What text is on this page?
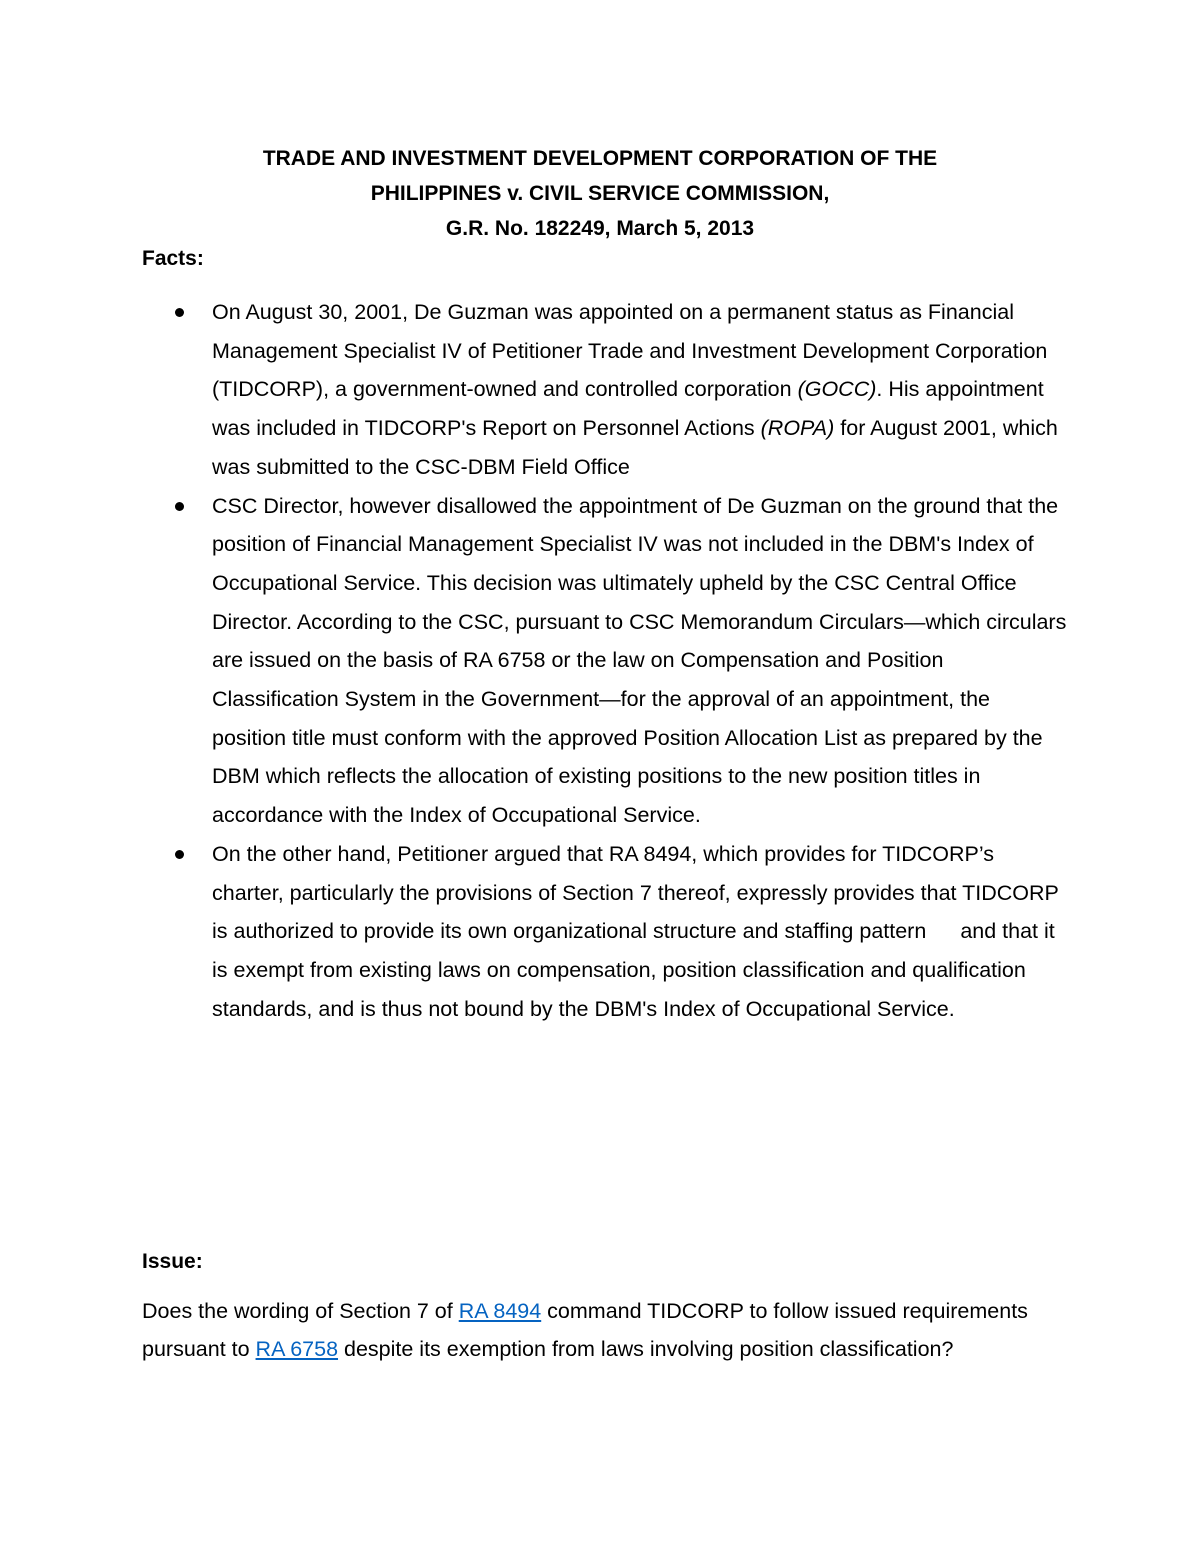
TRADE AND INVESTMENT DEVELOPMENT CORPORATION OF THE
PHILIPPINES v. CIVIL SERVICE COMMISSION,
G.R. No. 182249, March 5, 2013
Facts:
On August 30, 2001, De Guzman was appointed on a permanent status as Financial Management Specialist IV of Petitioner Trade and Investment Development Corporation (TIDCORP), a government-owned and controlled corporation (GOCC). His appointment was included in TIDCORP's Report on Personnel Actions (ROPA) for August 2001, which was submitted to the CSC-DBM Field Office
CSC Director, however disallowed the appointment of De Guzman on the ground that the position of Financial Management Specialist IV was not included in the DBM's Index of Occupational Service. This decision was ultimately upheld by the CSC Central Office Director. According to the CSC, pursuant to CSC Memorandum Circulars—which circulars are issued on the basis of RA 6758 or the law on Compensation and Position Classification System in the Government—for the approval of an appointment, the position title must conform with the approved Position Allocation List as prepared by the DBM which reflects the allocation of existing positions to the new position titles in accordance with the Index of Occupational Service.
On the other hand, Petitioner argued that RA 8494, which provides for TIDCORP’s charter, particularly the provisions of Section 7 thereof, expressly provides that TIDCORP is authorized to provide its own organizational structure and staffing pattern and that it is exempt from existing laws on compensation, position classification and qualification standards, and is thus not bound by the DBM's Index of Occupational Service.
Issue:
Does the wording of Section 7 of RA 8494 command TIDCORP to follow issued requirements pursuant to RA 6758 despite its exemption from laws involving position classification?
